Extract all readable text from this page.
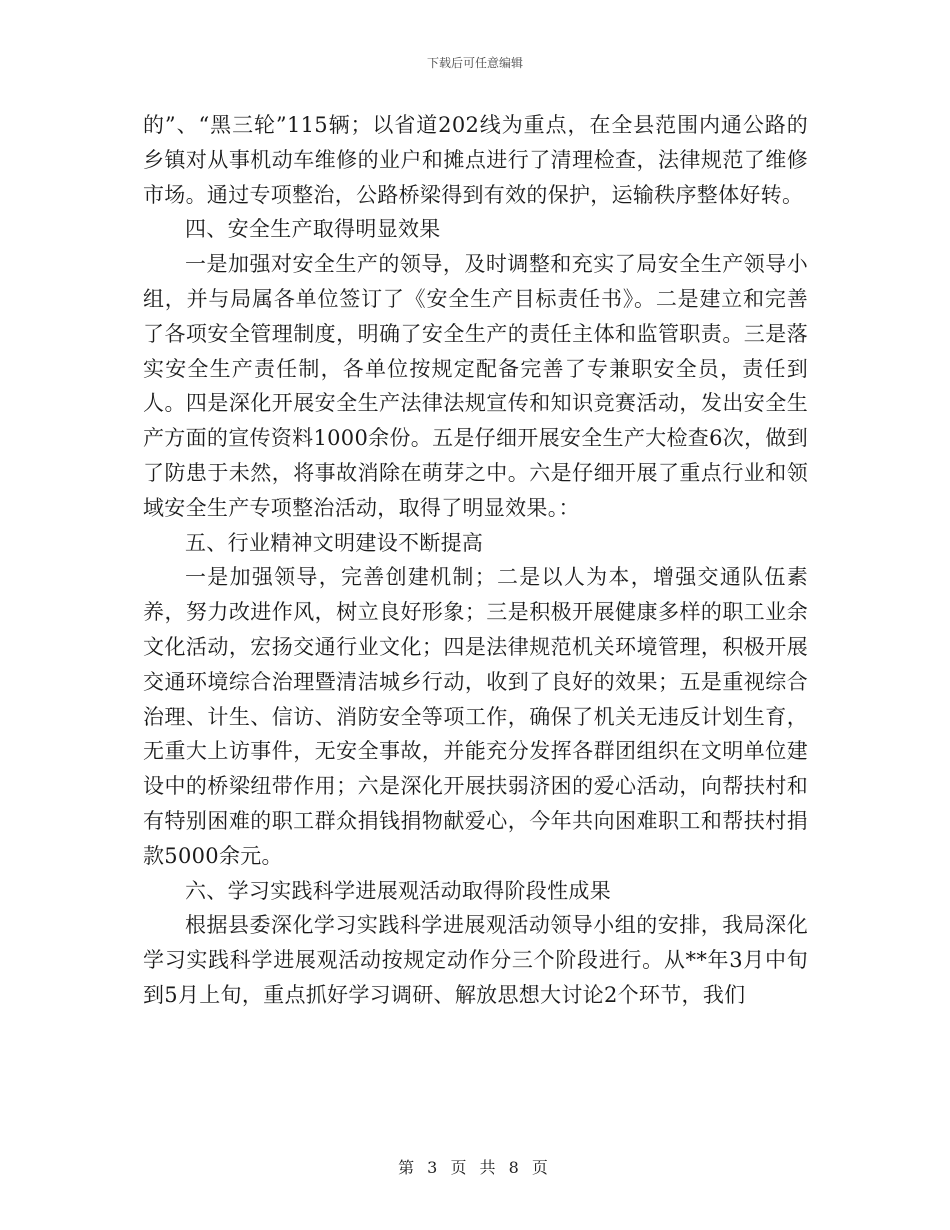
下载后可任意编辑

的”、“黑三轮”115辆；以省道202线为重点，在全县范围内通公路的乡镇对从事机动车维修的业户和摊点进行了清理检查，法律规范了维修市场。通过专项整治，公路桥梁得到有效的保护，运输秩序整体好转。

四、安全生产取得明显效果

一是加强对安全生产的领导，及时调整和充实了局安全生产领导小组，并与局属各单位签订了《安全生产目标责任书》。二是建立和完善了各项安全管理制度，明确了安全生产的责任主体和监管职责。三是落实安全生产责任制，各单位按规定配备完善了专兼职安全员，责任到人。四是深化开展安全生产法律法规宣传和知识竞赛活动，发出安全生产方面的宣传资料1000余份。五是仔细开展安全生产大检查6次，做到了防患于未然，将事故消除在萌芽之中。六是仔细开展了重点行业和领域安全生产专项整治活动，取得了明显效果。：

五、行业精神文明建设不断提高

一是加强领导，完善创建机制；二是以人为本，增强交通队伍素养，努力改进作风，树立良好形象；三是积极开展健康多样的职工业余文化活动，宏扬交通行业文化；四是法律规范机关环境管理，积极开展交通环境综合治理暨清洁城乡行动，收到了良好的效果；五是重视综合治理、计生、信访、消防安全等项工作，确保了机关无违反计划生育，无重大上访事件，无安全事故，并能充分发挥各群团组织在文明单位建设中的桥梁纽带作用；六是深化开展扶弱济困的爱心活动，向帮扶村和有特别困难的职工群众捐钱捐物献爱心，今年共向困难职工和帮扶村捐款5000余元。

六、学习实践科学进展观活动取得阶段性成果

根据县委深化学习实践科学进展观活动领导小组的安排，我局深化学习实践科学进展观活动按规定动作分三个阶段进行。从**年3月中旬到5月上旬，重点抓好学习调研、解放思想大讨论2个环节，我们

第 3 页 共 8 页
